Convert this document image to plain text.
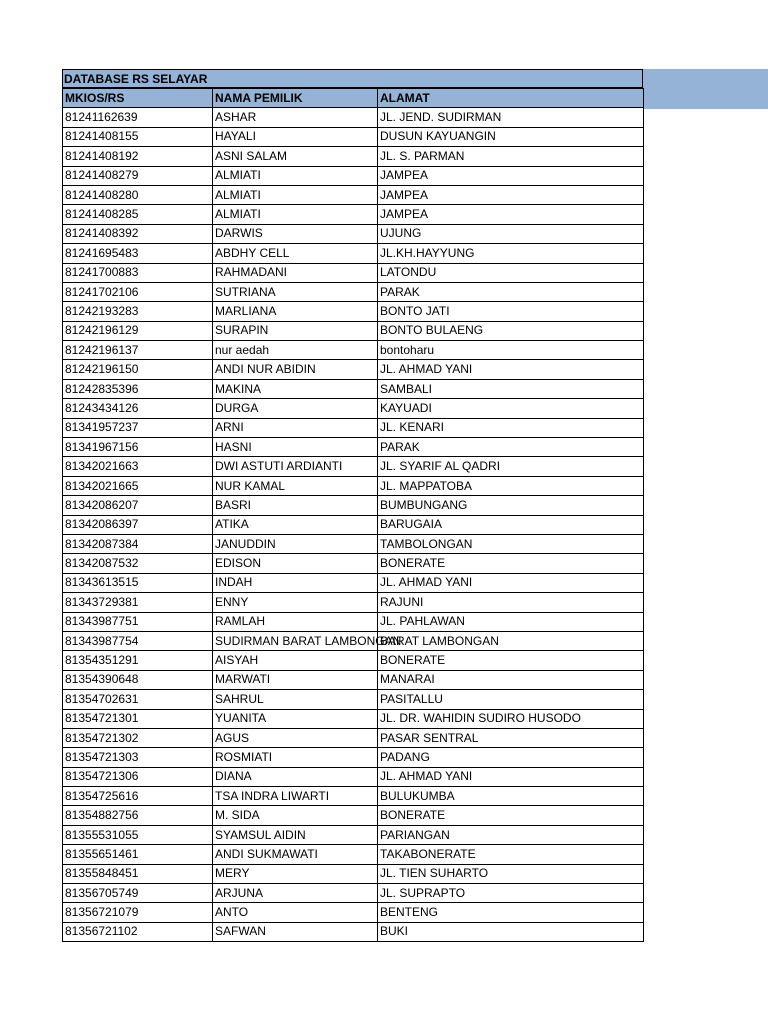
DATABASE RS SELAYAR
MKIOS/RS	NAMA PEMILIK	ALAMAT
81241162639	ASHAR	JL. JEND. SUDIRMAN
81241408155	HAYALI	DUSUN KAYUANGIN
81241408192	ASNI SALAM	JL. S. PARMAN
81241408279	ALMIATI	JAMPEA
81241408280	ALMIATI	JAMPEA
81241408285	ALMIATI	JAMPEA
81241408392	DARWIS	UJUNG
81241695483	ABDHY CELL	JL.KH.HAYYUNG
81241700883	RAHMADANI	LATONDU
81241702106	SUTRIANA	PARAK
81242193283	MARLIANA	BONTO JATI
81242196129	SURAPIN	BONTO BULAENG
81242196137	nur aedah	bontoharu
81242196150	ANDI NUR ABIDIN	JL. AHMAD YANI
81242835396	MAKINA	SAMBALI
81243434126	DURGA	KAYUADI
81341957237	ARNI	JL. KENARI
81341967156	HASNI	PARAK
81342021663	DWI ASTUTI ARDIANTI	JL. SYARIF AL QADRI
81342021665	NUR KAMAL	JL. MAPPATOBA
81342086207	BASRI	BUMBUNGANG
81342086397	ATIKA	BARUGAIA
81342087384	JANUDDIN	TAMBOLONGAN
81342087532	EDISON	BONERATE
81343613515	INDAH	JL. AHMAD YANI
81343729381	ENNY	RAJUNI
81343987751	RAMLAH	JL. PAHLAWAN
81343987754	SUDIRMAN BARAT LAMBONGAN	BARAT LAMBONGAN
81354351291	AISYAH	BONERATE
81354390648	MARWATI	MANARAI
81354702631	SAHRUL	PASITALLU
81354721301	YUANITA	JL. DR. WAHIDIN SUDIRO HUSODO
81354721302	AGUS	PASAR SENTRAL
81354721303	ROSMIATI	PADANG
81354721306	DIANA	JL. AHMAD YANI
81354725616	TSA INDRA LIWARTI	BULUKUMBA
81354882756	M. SIDA	BONERATE
81355531055	SYAMSUL AIDIN	PARIANGAN
81355651461	ANDI SUKMAWATI	TAKABONERATE
81355848451	MERY	JL. TIEN SUHARTO
81356705749	ARJUNA	JL. SUPRAPTO
81356721079	ANTO	BENTENG
81356721102	SAFWAN	BUKI
